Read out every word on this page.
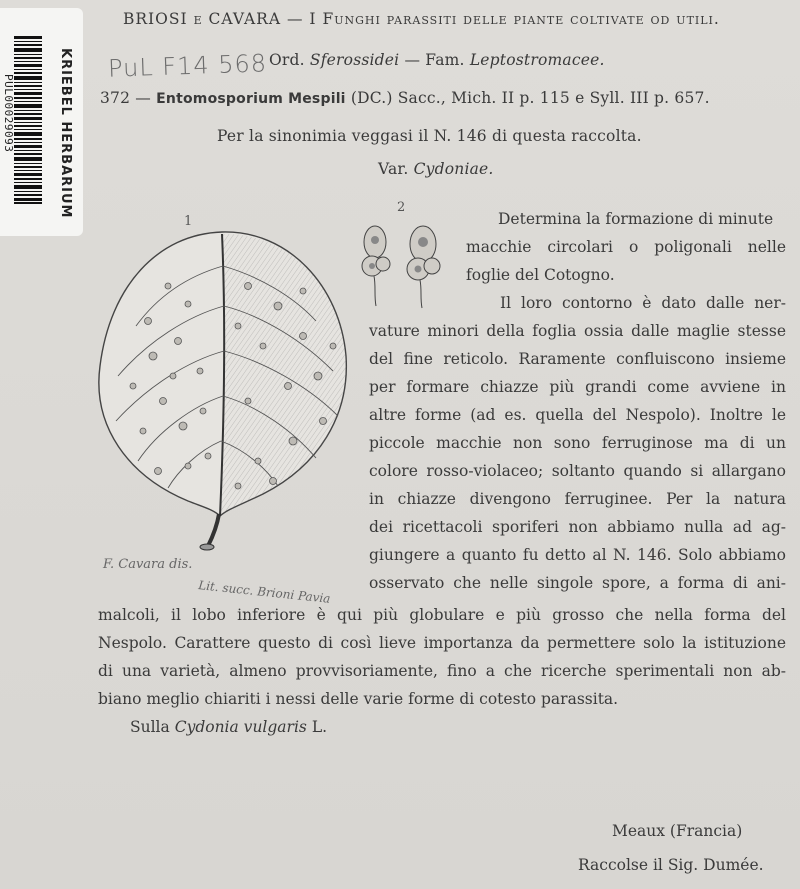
KRIEBEL HERBARIUM
PUL00029093
BRIOSI e CAVARA — I Funghi parassiti delle piante coltivate od utili.
PuL F14 568 Ord. Sferossidei — Fam. Leptostromacee.
372 — Entomosporium Mespili (DC.) Sacc., Mich. II p. 115 e Syll. III p. 657.
Per la sinonimia veggasi il N. 146 di questa raccolta.
Var. Cydoniae.
1
2
F. Cavara dis.
Lit. succ. Brioni Pavia
Determina la formazione di minute
macchie circolari o poligonali nelle
foglie del Cotogno.
Il loro contorno è dato dalle ner-
vature minori della foglia ossia dalle maglie stesse
del fine reticolo. Raramente confluiscono insieme
per formare chiazze più grandi come avviene in
altre forme (ad es. quella del Nespolo). Inoltre le
piccole macchie non sono ferruginose ma di un
colore rosso-violaceo; soltanto quando si allargano
in chiazze divengono ferruginee. Per la natura
dei ricettacoli sporiferi non abbiamo nulla ad ag-
giungere a quanto fu detto al N. 146. Solo abbiamo
osservato che nelle singole spore, a forma di ani-
malcoli, il lobo inferiore è qui più globulare e più grosso che nella forma del
Nespolo. Carattere questo di così lieve importanza da permettere solo la istituzione
di una varietà, almeno provvisoriamente, fino a che ricerche sperimentali non ab-
biano meglio chiariti i nessi delle varie forme di cotesto parassita.
Sulla Cydonia vulgaris L.
Meaux (Francia)
Raccolse il Sig. Dumée.
